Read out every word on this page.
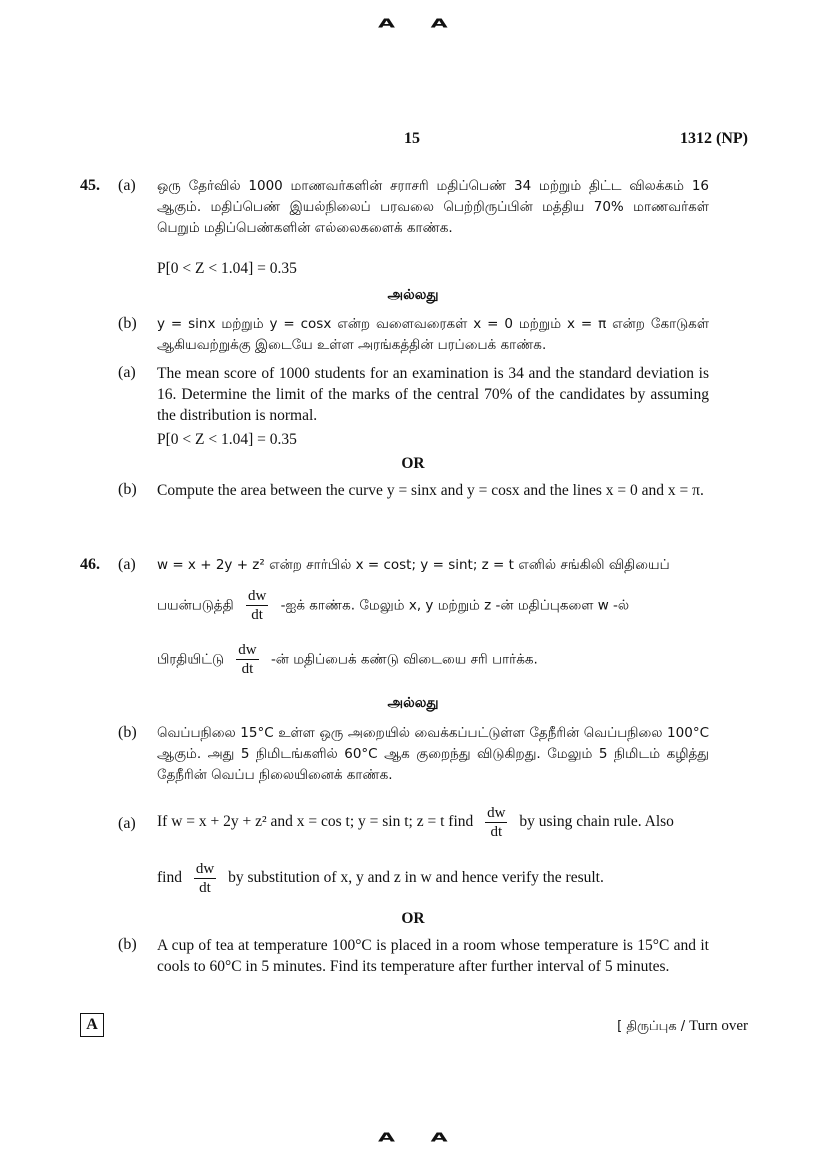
A A
15	1312 (NP)
45. (a) ஒரு தேர்வில் 1000 மாணவர்களின் சராசரி மதிப்பெண் 34 மற்றும் திட்ட விலக்கம் 16 ஆகும். மதிப்பெண் இயல்நிலைப் பரவலை பெற்றிருப்பின் மத்திய 70% மாணவர்கள் பெறும் மதிப்பெண்களின் எல்லைகளைக் காண்க.
P[0 < Z < 1.04] = 0.35
அல்லது
(b) y = sinx மற்றும் y = cosx என்ற வளைவரைகள் x = 0 மற்றும் x = π என்ற கோடுகள் ஆகியவற்றுக்கு இடையே உள்ள அரங்கத்தின் பரப்பைக் காண்க.
(a) The mean score of 1000 students for an examination is 34 and the standard deviation is 16. Determine the limit of the marks of the central 70% of the candidates by assuming the distribution is normal.
P[0 < Z < 1.04] = 0.35
OR
(b) Compute the area between the curve y = sinx and y = cosx and the lines x = 0 and x = π.
46. (a) w = x + 2y + z² என்ற சார்பில் x = cost; y = sint; z = t எனில் சங்கிலி விதியைப்
பயன்படுத்தி $\frac{dw}{dt}$ -ஐக் காண்க. மேலும் x, y மற்றும் z -ன் மதிப்புகளை w -ல்
பிரதியிட்டு $\frac{dw}{dt}$ -ன் மதிப்பைக் கண்டு விடையை சரி பார்க்க.
அல்லது
(b) வெப்பநிலை 15°C உள்ள ஒரு அறையில் வைக்கப்பட்டுள்ள தேநீரின் வெப்பநிலை 100°C ஆகும். அது 5 நிமிடங்களில் 60°C ஆக குறைந்து விடுகிறது. மேலும் 5 நிமிடம் கழித்து தேநீரின் வெப்ப நிலையினைக் காண்க.
(a) If w = x + 2y + z² and x = cos t; y = sin t; z = t find $\frac{dw}{dt}$ by using chain rule. Also
find $\frac{dw}{dt}$ by substitution of x, y and z in w and hence verify the result.
OR
(b) A cup of tea at temperature 100°C is placed in a room whose temperature is 15°C and it cools to 60°C in 5 minutes. Find its temperature after further interval of 5 minutes.
A	[ திருப்புக / Turn over
A A
